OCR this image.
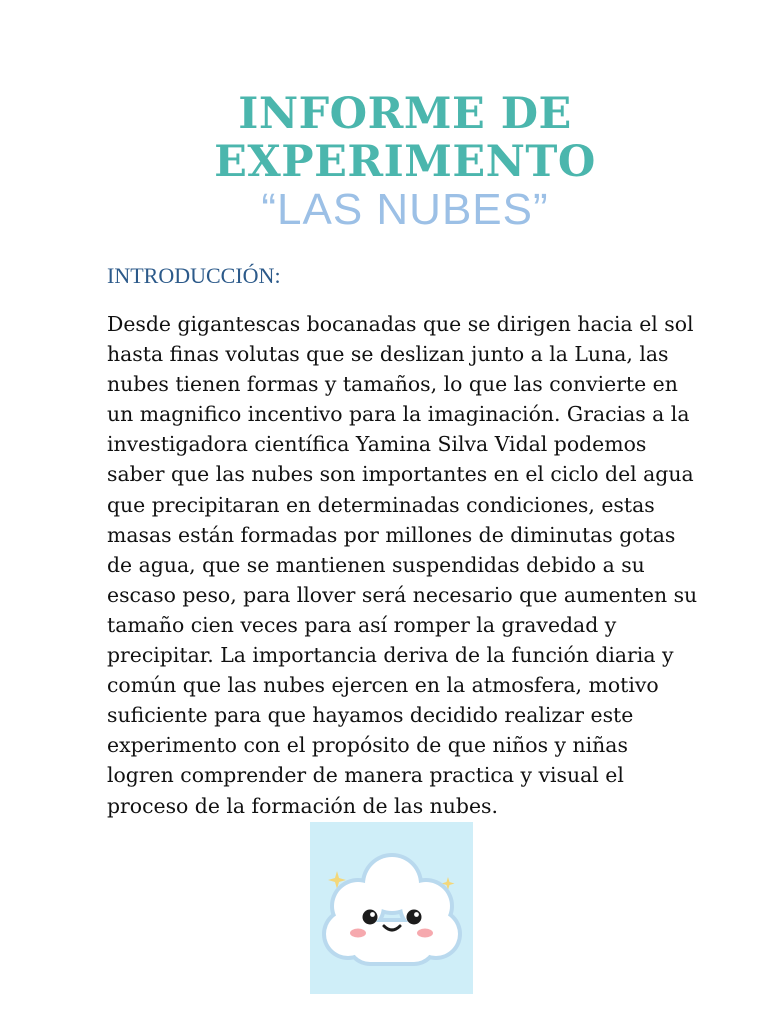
INFORME DE
EXPERIMENTO
“LAS NUBES”
INTRODUCCIÓN:
Desde gigantescas bocanadas que se dirigen hacia el sol
hasta finas volutas que se deslizan junto a la Luna, las
nubes tienen formas y tamaños, lo que las convierte en
un magnifico incentivo para la imaginación. Gracias a la
investigadora científica Yamina Silva Vidal podemos
saber que las nubes son importantes en el ciclo del agua
que precipitaran en determinadas condiciones, estas
masas están formadas por millones de diminutas gotas
de agua, que se mantienen suspendidas debido a su
escaso peso, para llover será necesario que aumenten su
tamaño cien veces para así romper la gravedad y
precipitar. La importancia deriva de la función diaria y
común que las nubes ejercen en la atmosfera, motivo
suficiente para que hayamos decidido realizar este
experimento con el propósito de que niños y niñas
logren comprender de manera practica y visual el
proceso de la formación de las nubes.
